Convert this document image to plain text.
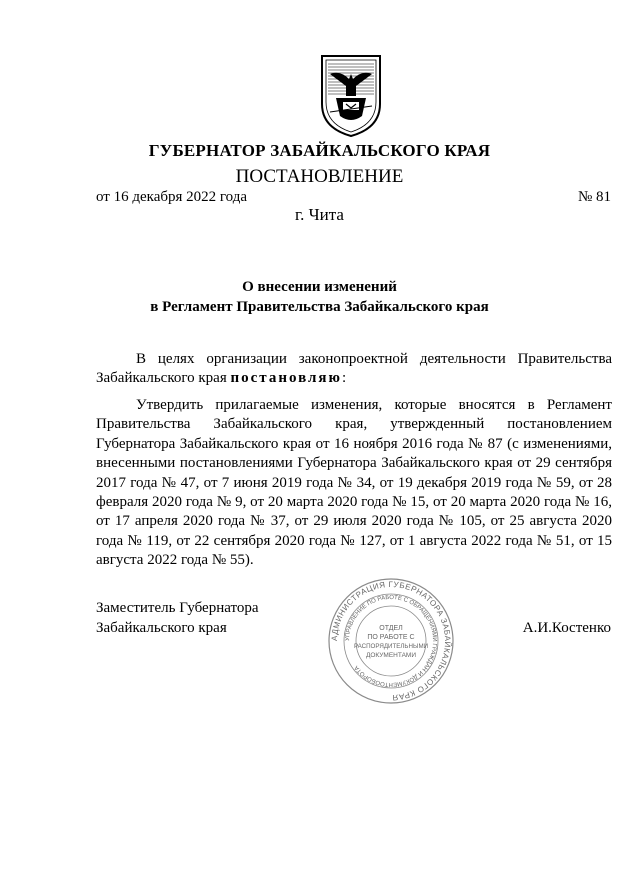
ГУБЕРНАТОР ЗАБАЙКАЛЬСКОГО КРАЯ
ПОСТАНОВЛЕНИЕ
от 16 декабря 2022 года	№ 81
г. Чита
О внесении изменений
в Регламент Правительства Забайкальского края
В целях организации законопроектной деятельности Правительства Забайкальского края постановляю:
Утвердить прилагаемые изменения, которые вносятся в Регламент Правительства Забайкальского края, утвержденный постановлением Губернатора Забайкальского края от 16 ноября 2016 года № 87 (с изменениями, внесенными постановлениями Губернатора Забайкальского края от 29 сентября 2017 года № 47, от 7 июня 2019 года № 34, от 19 декабря 2019 года № 59, от 28 февраля 2020 года № 9, от 20 марта 2020 года № 15, от 20 марта 2020 года № 16, от 17 апреля 2020 года № 37, от 29 июля 2020 года № 105, от 25 августа 2020 года № 119, от 22 сентября 2020 года № 127, от 1 августа 2022 года № 51, от 15 августа 2022 года № 55).
Заместитель Губернатора
Забайкальского края	А.И.Костенко
АДМИНИСТРАЦИЯ ГУБЕРНАТОРА ЗАБАЙКАЛЬСКОГО КРАЯ
УПРАВЛЕНИЕ ПО РАБОТЕ С ОБРАЩЕНИЯМИ ГРАЖДАН И ДОКУМЕНТООБОРОТА
ОТДЕЛ
ПО РАБОТЕ С
РАСПОРЯДИТЕЛЬНЫМИ
ДОКУМЕНТАМИ
